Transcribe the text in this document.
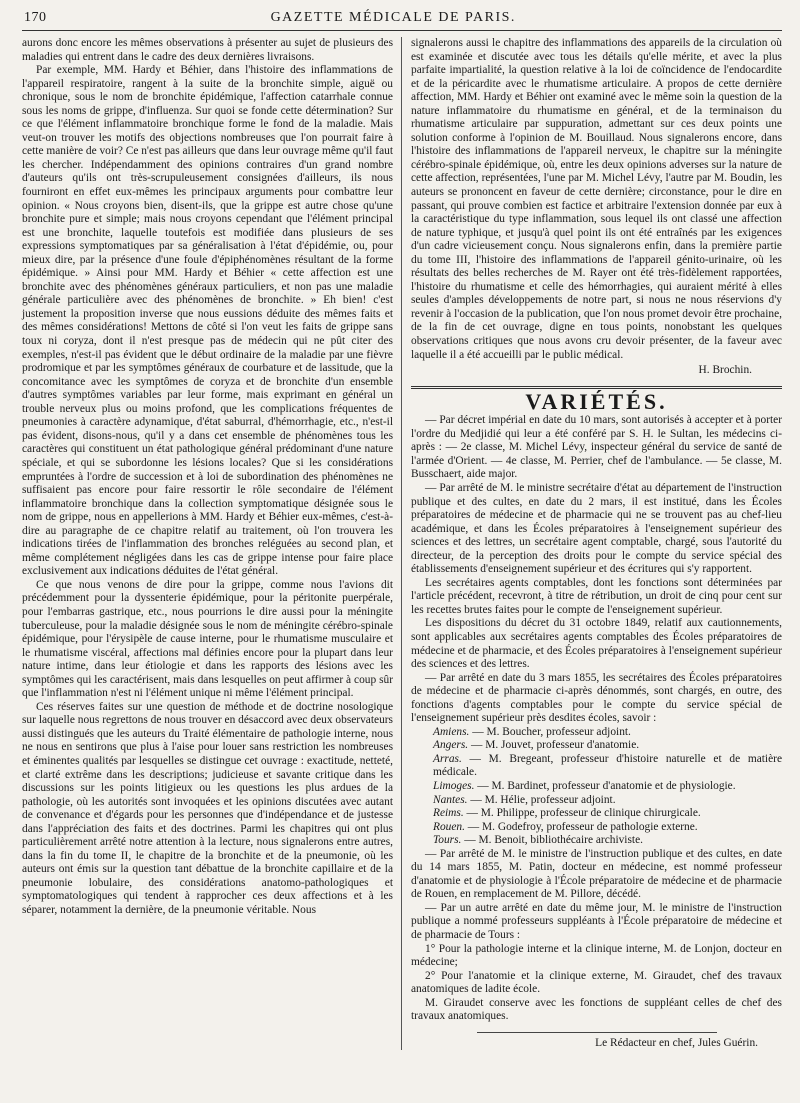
170	GAZETTE MÉDICALE DE PARIS.

aurons donc encore les mêmes observations à présenter au sujet de plusieurs des maladies qui entrent dans le cadre des deux dernières livraisons.

Par exemple, MM. Hardy et Béhier, dans l'histoire des inflammations de l'appareil respiratoire, rangent à la suite de la bronchite simple, aiguë ou chronique, sous le nom de bronchite épidémique, l'affection catarrhale connue sous les noms de grippe, d'influenza. Sur quoi se fonde cette détermination? Sur ce que l'élément inflammatoire bronchique forme le fond de la maladie. Mais veut-on trouver les motifs des objections nombreuses que l'on pourrait faire à cette manière de voir? Ce n'est pas ailleurs que dans leur ouvrage même qu'il faut les chercher. Indépendamment des opinions contraires d'un grand nombre d'auteurs qu'ils ont très-scrupuleusement consignées d'ailleurs, ils nous fourniront en effet eux-mêmes les principaux arguments pour combattre leur opinion. « Nous croyons bien, disent-ils, que la grippe est autre chose qu'une bronchite pure et simple; mais nous croyons cependant que l'élément principal est une bronchite, laquelle toutefois est modifiée dans plusieurs de ses expressions symptomatiques par sa généralisation à l'état d'épidémie, ou, pour mieux dire, par la présence d'une foule d'épiphénomènes résultant de la forme épidémique. » Ainsi pour MM. Hardy et Béhier « cette affection est une bronchite avec des phénomènes généraux particuliers, et non pas une maladie générale particulière avec des phénomènes de bronchite. » Eh bien! c'est justement la proposition inverse que nous eussions déduite des mêmes faits et des mêmes considérations! Mettons de côté si l'on veut les faits de grippe sans toux ni coryza, dont il n'est presque pas de médecin qui ne pût citer des exemples, n'est-il pas évident que le début ordinaire de la maladie par une fièvre prodromique et par les symptômes généraux de courbature et de lassitude, que la concomitance avec les symptômes de coryza et de bronchite d'un ensemble d'autres symptômes variables par leur forme, mais exprimant en général un trouble nerveux plus ou moins profond, que les complications fréquentes de pneumonies à caractère adynamique, d'état saburral, d'hémorrhagie, etc., n'est-il pas évident, disons-nous, qu'il y a dans cet ensemble de phénomènes tous les caractères qui constituent un état pathologique général prédominant d'une nature spéciale, et qui se subordonne les lésions locales? Que si les considérations empruntées à l'ordre de succession et à loi de subordination des phénomènes ne suffisaient pas encore pour faire ressortir le rôle secondaire de l'élément inflammatoire bronchique dans la collection symptomatique désignée sous le nom de grippe, nous en appellerions à MM. Hardy et Béhier eux-mêmes, c'est-à-dire au paragraphe de ce chapitre relatif au traitement, où l'on trouvera les indications tirées de l'inflammation des bronches reléguées au second plan, et même complétement négligées dans les cas de grippe intense pour faire place exclusivement aux indications déduites de l'état général.

Ce que nous venons de dire pour la grippe, comme nous l'avions dit précédemment pour la dyssenterie épidémique, pour la péritonite puerpérale, pour l'embarras gastrique, etc., nous pourrions le dire aussi pour la méningite tuberculeuse, pour la maladie désignée sous le nom de méningite cérébro-spinale épidémique, pour l'érysipèle de cause interne, pour le rhumatisme musculaire et le rhumatisme viscéral, affections mal définies encore pour la plupart dans leur nature intime, dans leur étiologie et dans les rapports des lésions avec les symptômes qui les caractérisent, mais dans lesquelles on peut affirmer à coup sûr que l'inflammation n'est ni l'élément unique ni même l'élément principal.

Ces réserves faites sur une question de méthode et de doctrine nosologique sur laquelle nous regrettons de nous trouver en désaccord avec deux observateurs aussi distingués que les auteurs du Traité élémentaire de pathologie interne, nous ne nous en sentirons que plus à l'aise pour louer sans restriction les nombreuses et éminentes qualités par lesquelles se distingue cet ouvrage : exactitude, netteté, et clarté extrême dans les descriptions; judicieuse et savante critique dans les discussions sur les points litigieux ou les questions les plus ardues de la pathologie, où les autorités sont invoquées et les opinions discutées avec autant de convenance et d'égards pour les personnes que d'indépendance et de justesse dans l'appréciation des faits et des doctrines. Parmi les chapitres qui ont plus particulièrement arrêté notre attention à la lecture, nous signalerons entre autres, dans la fin du tome II, le chapitre de la bronchite et de la pneumonie, où les auteurs ont émis sur la question tant débattue de la bronchite capillaire et de la pneumonie lobulaire, des considérations anatomo-pathologiques et symptomatologiques qui tendent à rapprocher ces deux affections et à les séparer, notamment la dernière, de la pneumonie véritable. Nous

signalerons aussi le chapitre des inflammations des appareils de la circulation où est examinée et discutée avec tous les détails qu'elle mérite, et avec la plus parfaite impartialité, la question relative à la loi de coïncidence de l'endocardite et de la péricardite avec le rhumatisme articulaire. A propos de cette dernière affection, MM. Hardy et Béhier ont examiné avec le même soin la question de la nature inflammatoire du rhumatisme en général, et de la terminaison du rhumatisme articulaire par suppuration, admettant sur ces deux points une solution conforme à l'opinion de M. Bouillaud. Nous signalerons encore, dans l'histoire des inflammations de l'appareil nerveux, le chapitre sur la méningite cérébro-spinale épidémique, où, entre les deux opinions adverses sur la nature de cette affection, représentées, l'une par M. Michel Lévy, l'autre par M. Boudin, les auteurs se prononcent en faveur de cette dernière; circonstance, pour le dire en passant, qui prouve combien est factice et arbitraire l'extension donnée par eux à la caractéristique du type inflammation, sous lequel ils ont classé une affection de nature typhique, et jusqu'à quel point ils ont été entraînés par les exigences d'un cadre vicieusement conçu. Nous signalerons enfin, dans la première partie du tome III, l'histoire des inflammations de l'appareil génito-urinaire, où les résultats des belles recherches de M. Rayer ont été très-fidèlement rapportées, l'histoire du rhumatisme et celle des hémorrhagies, qui auraient mérité à elles seules d'amples développements de notre part, si nous ne nous réservions d'y revenir à l'occasion de la publication, que l'on nous promet devoir être prochaine, de la fin de cet ouvrage, digne en tous points, nonobstant les quelques observations critiques que nous avons cru devoir présenter, de la faveur avec laquelle il a été accueilli par le public médical.

H. Brochin.

VARIÉTÉS.

— Par décret impérial en date du 10 mars, sont autorisés à accepter et à porter l'ordre du Medjidié qui leur a été conféré par S. H. le Sultan, les médecins ci-après : — 2e classe, M. Michel Lévy, inspecteur général du service de santé de l'armée d'Orient. — 4e classe, M. Perrier, chef de l'ambulance. — 5e classe, M. Busschaert, aide major.

— Par arrêté de M. le ministre secrétaire d'état au département de l'instruction publique et des cultes, en date du 2 mars, il est institué, dans les Écoles préparatoires de médecine et de pharmacie qui ne se trouvent pas au chef-lieu académique, et dans les Écoles préparatoires à l'enseignement supérieur des sciences et des lettres, un secrétaire agent comptable, chargé, sous l'autorité du directeur, de la perception des droits pour le compte du service spécial des établissements d'enseignement supérieur et des écritures qui s'y rapportent.

Les secrétaires agents comptables, dont les fonctions sont déterminées par l'article précédent, recevront, à titre de rétribution, un droit de cinq pour cent sur les recettes brutes faites pour le compte de l'enseignement supérieur.

Les dispositions du décret du 31 octobre 1849, relatif aux cautionnements, sont applicables aux secrétaires agents comptables des Écoles préparatoires de médecine et de pharmacie, et des Écoles préparatoires à l'enseignement supérieur des sciences et des lettres.

— Par arrêté en date du 3 mars 1855, les secrétaires des Écoles préparatoires de médecine et de pharmacie ci-après dénommés, sont chargés, en outre, des fonctions d'agents comptables pour le compte du service spécial de l'enseignement supérieur près desdites écoles, savoir :

Amiens. — M. Boucher, professeur adjoint.

Angers. — M. Jouvet, professeur d'anatomie.

Arras. — M. Bregeant, professeur d'histoire naturelle et de matière médicale.

Limoges. — M. Bardinet, professeur d'anatomie et de physiologie.

Nantes. — M. Hélie, professeur adjoint.

Reims. — M. Philippe, professeur de clinique chirurgicale.

Rouen. — M. Godefroy, professeur de pathologie externe.

Tours. — M. Benoit, bibliothécaire archiviste.

— Par arrêté de M. le ministre de l'instruction publique et des cultes, en date du 14 mars 1855, M. Patin, docteur en médecine, est nommé professeur d'anatomie et de physiologie à l'École préparatoire de médecine et de pharmacie de Rouen, en remplacement de M. Pillore, décédé.

— Par un autre arrêté en date du même jour, M. le ministre de l'instruction publique a nommé professeurs suppléants à l'École préparatoire de médecine et de pharmacie de Tours :

1° Pour la pathologie interne et la clinique interne, M. de Lonjon, docteur en médecine;

2° Pour l'anatomie et la clinique externe, M. Giraudet, chef des travaux anatomiques de ladite école.

M. Giraudet conserve avec les fonctions de suppléant celles de chef des travaux anatomiques.

Le Rédacteur en chef, Jules Guérin.
